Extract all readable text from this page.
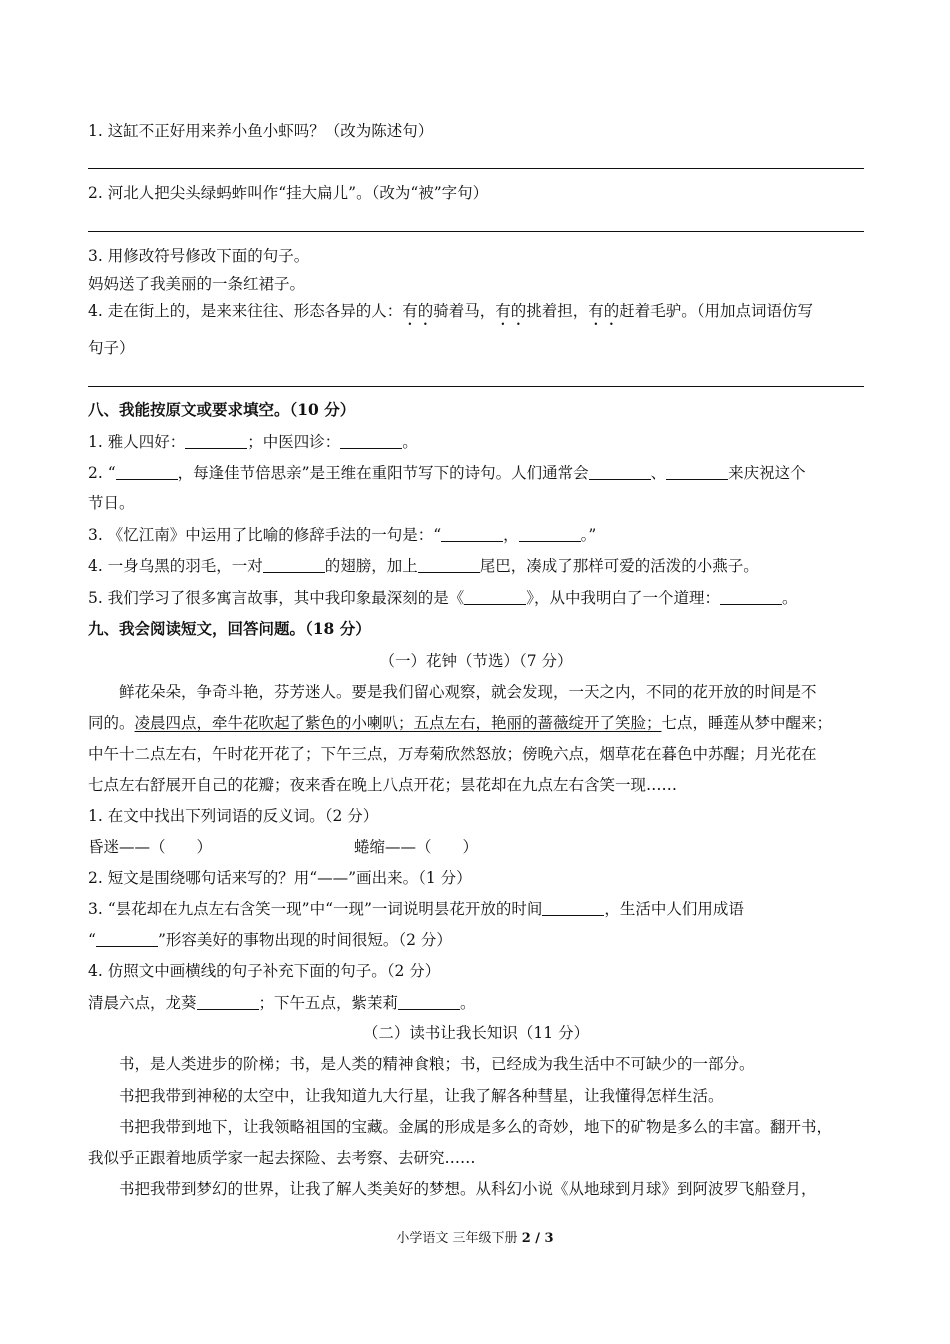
1. 这缸不正好用来养小鱼小虾吗？（改为陈述句）
2. 河北人把尖头绿蚂蚱叫作“挂大扁儿”。（改为“被”字句）
3. 用修改符号修改下面的句子。
妈妈送了我美丽的一条红裙子。
4. 走在街上的，是来来往往、形态各异的人：有的骑着马，有的挑着担，有的赶着毛驴。（用加点词语仿写
句子）
八、我能按原文或要求填空。（10 分）
1. 雅人四好：	；中医四诊：	。
2. “	，每逢佳节倍思亲”是王维在重阳节写下的诗句。人们通常会	、	来庆祝这个
节日。
3. 《忆江南》中运用了比喻的修辞手法的一句是：“	，	。”
4. 一身乌黑的羽毛，一对	的翅膀，加上	尾巴，凑成了那样可爱的活泼的小燕子。
5. 我们学习了很多寓言故事，其中我印象最深刻的是《	》，从中我明白了一个道理：	。
九、我会阅读短文，回答问题。（18 分）
（一）花钟（节选）（7 分）
鲜花朵朵，争奇斗艳，芬芳迷人。要是我们留心观察，就会发现，一天之内，不同的花开放的时间是不
同的。凌晨四点，牵牛花吹起了紫色的小喇叭；五点左右，艳丽的蔷薇绽开了笑脸；七点，睡莲从梦中醒来；
中午十二点左右，午时花开花了；下午三点，万寿菊欣然怒放；傍晚六点，烟草花在暮色中苏醒；月光花在
七点左右舒展开自己的花瓣；夜来香在晚上八点开花；昙花却在九点左右含笑一现……
1. 在文中找出下列词语的反义词。（2 分）
昏迷——（　　）	蜷缩——（　　）
2. 短文是围绕哪句话来写的？用“——”画出来。（1 分）
3. “昙花却在九点左右含笑一现”中“一现”一词说明昙花开放的时间	，生活中人们用成语
“	”形容美好的事物出现的时间很短。（2 分）
4. 仿照文中画横线的句子补充下面的句子。（2 分）
清晨六点，龙葵	；下午五点，紫茉莉	。
（二）读书让我长知识（11 分）
书，是人类进步的阶梯；书，是人类的精神食粮；书，已经成为我生活中不可缺少的一部分。
书把我带到神秘的太空中，让我知道九大行星，让我了解各种彗星，让我懂得怎样生活。
书把我带到地下，让我领略祖国的宝藏。金属的形成是多么的奇妙，地下的矿物是多么的丰富。翻开书，
我似乎正跟着地质学家一起去探险、去考察、去研究……
书把我带到梦幻的世界，让我了解人类美好的梦想。从科幻小说《从地球到月球》到阿波罗飞船登月，
小学语文 三年级下册 2 / 3
